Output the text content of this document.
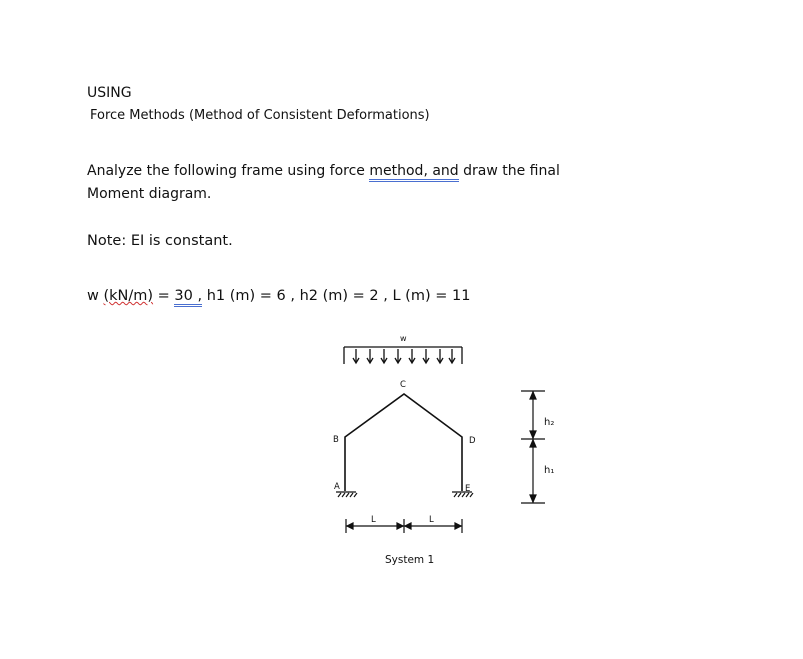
USING
Force Methods (Method of Consistent Deformations)
Analyze the following frame using force method, and draw the final
Moment diagram.
Note: EI is constant.
w (kN/m) = 30 , h1 (m) = 6 , h2 (m) = 2 , L (m) = 11
w
A
B
C
D
E
h₂
h₁
L	L
System 1
